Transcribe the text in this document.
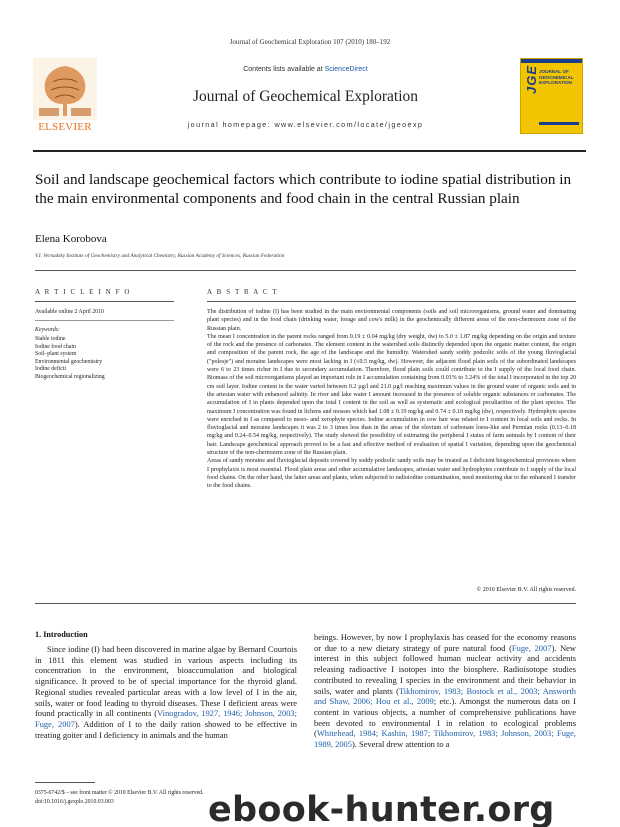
Journal of Geochemical Exploration 107 (2010) 180–192
ELSEVIER
Contents lists available at ScienceDirect
Journal of Geochemical Exploration
journal homepage: www.elsevier.com/locate/jgeoexp
JGE JOURNAL OF GEOCHEMICAL EXPLORATION
Soil and landscape geochemical factors which contribute to iodine spatial distribution in the main environmental components and food chain in the central Russian plain
Elena Korobova
V.I. Vernadsky Institute of Geochemistry and Analytical Chemistry, Russian Academy of Sciences, Russian Federation
A R T I C L E I N F O
Available online 2 April 2010
Keywords:
Stable iodine
Iodine food chain
Soil–plant system
Environmental geochemistry
Iodine deficit
Biogeochemical regionalizing
A B S T R A C T

The distribution of iodine (I) has been studied in the main environmental components (soils and soil microorganisms, ground water and dominating plant species) and in the food chain (drinking water, forage and cow's milk) in the geochemically different areas of the non-chernozem zone of the Russian plain.

The mean I concentration in the parent rocks ranged from 0.19 ± 0.04 mg/kg (dry weight, dw) to 5.0 ± 1.87 mg/kg depending on the origin and texture of the rock and the presence of carbonates. The element content in the watershed soils distinctly depended upon the organic matter content, the origin and composition of the parent rock, the age of the landscape and the humidity. Watershed sandy soddy podzolic soils of the young fluvioglacial ("polesje") and moraine landscapes were most lacking in I (≤0.5 mg/kg, dw). However, the adjacent flood plain soils of the subordinated landscapes were 6 to 23 times richer in I due to secondary accumulation. Therefore, flood plain soils could contribute to the I supply of the local food chain. Biomass of the soil microorganisms played an important role in I accumulation containing from 0.01% to 3.24% of the total I incorporated in the top 20 cm soil layer. Iodine content in the water varied between 0.2 µg/l and 21.0 µg/l reaching maximum values in the ground water of organic soils and in the artesian water with enhanced salinity. In river and lake water I amount increased in the presence of soluble organic substances or carbonates. The accumulation of I in plants depended upon the total I content in the soil as well as systematic and ecological peculiarities of the plant species. The maximum I concentration was found in lichens and mosses which had 1.08 ± 0.19 mg/kg and 0.74 ± 0.10 mg/kg (dw), respectively. Hydrophyte species were enriched in I as compared to meso- and xerophyte species. Iodine accumulation in cow hair was related to I content in local soils and rocks. In fluvioglacial and moraine landscapes it was 2 to 3 times less than in the areas of the eluvium of carbonate loess-like and Permian rocks (0.13–0.18 mg/kg and 0.24–0.54 mg/kg, respectively). The study showed the possibility of estimating the peripheral I status of farm animals by I content of their hair. Landscape geochemical approach proved to be a fast and effective method of evaluation of spatial I variation, depending upon the geochemical structure of the non-chernozem zone of the Russian plain.

Areas of sandy moraine and fluvioglacial deposits covered by soddy podzolic sandy soils may be treated as I deficient biogeochemical provinces where I prophylaxis is most essential. Flood plain areas and other accumulative landscapes, artesian water and hydrophytes contribute to I supply of the local food chains. On the other hand, the latter areas and plants, when subjected to radioiodine contamination, need monitoring due to the enhanced I transfer to the food chains.

© 2010 Elsevier B.V. All rights reserved.
1. Introduction

Since iodine (I) had been discovered in marine algae by Bernard Courtois in 1811 this element was studied in various aspects including its concentration in the environment, bioaccumulation and biological significance. It proved to be of special importance for the thyroid gland. Regional studies revealed particular areas with a low level of I in the air, soils, water or food leading to thyroid diseases. These I deficient areas were found practically in all continents (Vinogradov, 1927, 1946; Johnson, 2003; Fuge, 2007). Addition of I to the daily ration showed to be effective in treating goiter and I deficiency in animals and the human

beings. However, by now I prophylaxis has ceased for the economy reasons or due to a new dietary strategy of pure natural food (Fuge, 2007). New interest in this subject followed human nuclear activity and accidents releasing radioactive I isotopes into the biosphere. Radioisotope studies contributed to revealing I species in the environment and their behavior in soils, water and plants (Tikhomirov, 1983; Bostock et al., 2003; Answorth and Shaw, 2006; Hou et al., 2009; etc.). Amongst the numerous data on I content in various objects, a number of comprehensive publications have been devoted to environmental I in relation to ecological problems (Whitehead, 1984; Kashin, 1987; Tikhomirov, 1983; Johnson, 2003; Fuge, 1989, 2005). Several drew attention to a

0375-6742/$ – see front matter © 2010 Elsevier B.V. All rights reserved.
doi:10.1016/j.gexplo.2010.03.003	ebook-hunter.org
